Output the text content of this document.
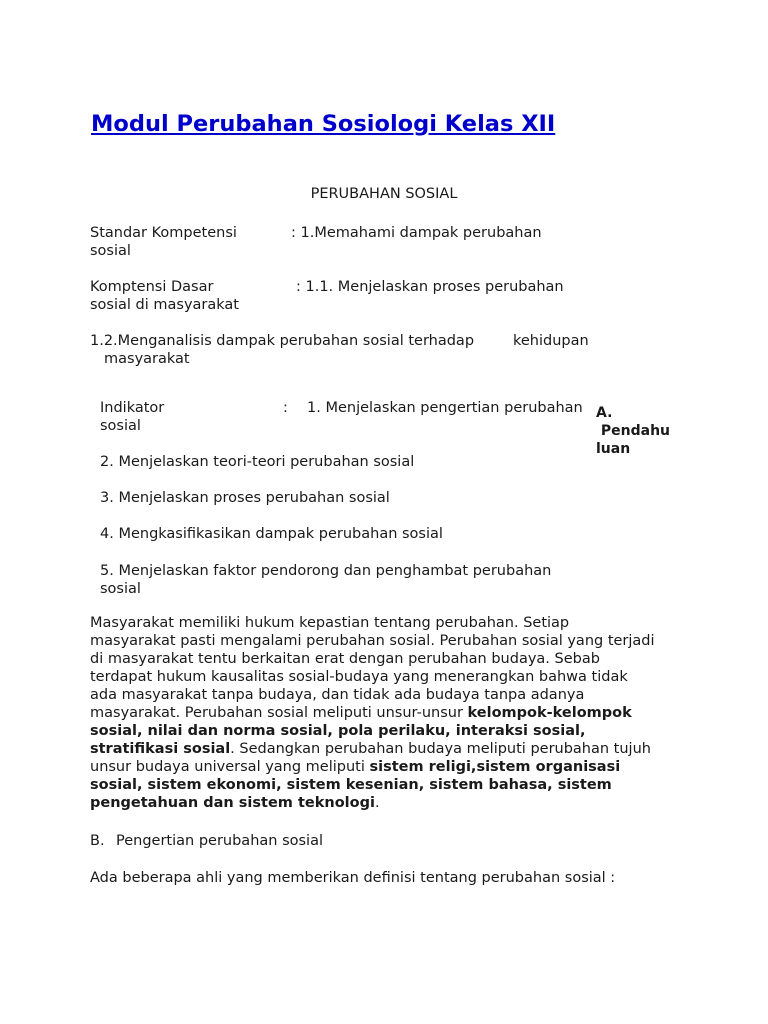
Modul Perubahan Sosiologi Kelas XII
PERUBAHAN SOSIAL
Standar Kompetensi	: 1.Memahami dampak perubahan
sosial
Komptensi Dasar	: 1.1. Menjelaskan proses perubahan
sosial di masyarakat
1.2.Menganalisis dampak perubahan sosial terhadap	kehidupan
masyarakat
Indikator	: 1. Menjelaskan pengertian perubahan
sosial
2. Menjelaskan teori-teori perubahan sosial
3. Menjelaskan proses perubahan sosial
4. Mengkasifikasikan dampak perubahan sosial
5. Menjelaskan faktor pendorong dan penghambat perubahan
sosial
A.
Pendahu
luan
Masyarakat memiliki hukum kepastian tentang perubahan. Setiap
masyarakat pasti mengalami perubahan sosial. Perubahan sosial yang terjadi
di masyarakat tentu berkaitan erat dengan perubahan budaya. Sebab
terdapat hukum kausalitas sosial-budaya yang menerangkan bahwa tidak
ada masyarakat tanpa budaya, dan tidak ada budaya tanpa adanya
masyarakat. Perubahan sosial meliputi unsur-unsur kelompok-kelompok
sosial, nilai dan norma sosial, pola perilaku, interaksi sosial,
stratifikasi sosial. Sedangkan perubahan budaya meliputi perubahan tujuh
unsur budaya universal yang meliputi sistem religi,sistem organisasi
sosial, sistem ekonomi, sistem kesenian, sistem bahasa, sistem
pengetahuan dan sistem teknologi.
B. Pengertian perubahan sosial
Ada beberapa ahli yang memberikan definisi tentang perubahan sosial :
